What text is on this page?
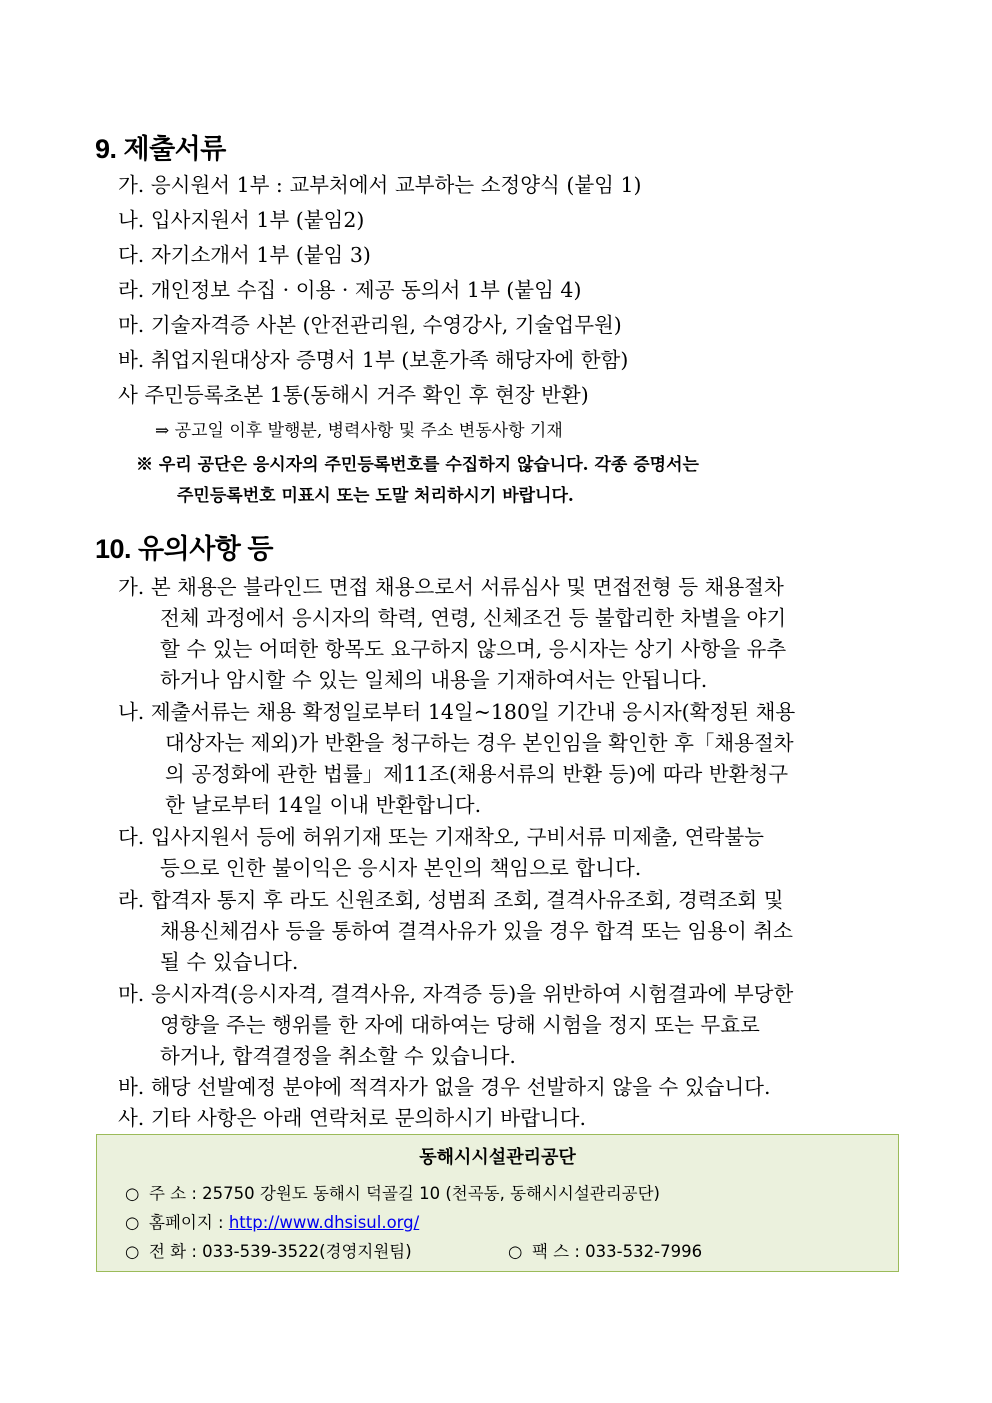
9. 제출서류
가. 응시원서 1부 : 교부처에서 교부하는 소정양식 (붙임 1)
나. 입사지원서 1부 (붙임2)
다. 자기소개서 1부 (붙임 3)
라. 개인정보 수집 · 이용 · 제공 동의서 1부 (붙임 4)
마. 기술자격증 사본 (안전관리원, 수영강사, 기술업무원)
바. 취업지원대상자 증명서 1부 (보훈가족 해당자에 한함)
사 주민등록초본 1통(동해시 거주 확인 후 현장 반환)
⇒ 공고일 이후 발행분, 병력사항 및 주소 변동사항 기재
※ 우리 공단은 응시자의 주민등록번호를 수집하지 않습니다. 각종 증명서는
주민등록번호 미표시 또는 도말 처리하시기 바랍니다.
10. 유의사항 등
가. 본 채용은 블라인드 면접 채용으로서 서류심사 및 면접전형 등 채용절차
전체 과정에서 응시자의 학력, 연령, 신체조건 등 불합리한 차별을 야기
할 수 있는 어떠한 항목도 요구하지 않으며, 응시자는 상기 사항을 유추
하거나 암시할 수 있는 일체의 내용을 기재하여서는 안됩니다.
나. 제출서류는 채용 확정일로부터 14일~180일 기간내 응시자(확정된 채용
대상자는 제외)가 반환을 청구하는 경우 본인임을 확인한 후「채용절차
의 공정화에 관한 법률」제11조(채용서류의 반환 등)에 따라 반환청구
한 날로부터 14일 이내 반환합니다.
다. 입사지원서 등에 허위기재 또는 기재착오, 구비서류 미제출, 연락불능
등으로 인한 불이익은 응시자 본인의 책임으로 합니다.
라. 합격자 통지 후 라도 신원조회, 성범죄 조회, 결격사유조회, 경력조회 및
채용신체검사 등을 통하여 결격사유가 있을 경우 합격 또는 임용이 취소
될 수 있습니다.
마. 응시자격(응시자격, 결격사유, 자격증 등)을 위반하여 시험결과에 부당한
영향을 주는 행위를 한 자에 대하여는 당해 시험을 정지 또는 무효로
하거나, 합격결정을 취소할 수 있습니다.
바. 해당 선발예정 분야에 적격자가 없을 경우 선발하지 않을 수 있습니다.
사. 기타 사항은 아래 연락처로 문의하시기 바랍니다.
동해시시설관리공단
○ 주 소 : 25750 강원도 동해시 덕골길 10 (천곡동, 동해시시설관리공단)
○ 홈페이지 : http://www.dhsisul.org/
○ 전 화 : 033-539-3522(경영지원팀)	○ 팩 스 : 033-532-7996
